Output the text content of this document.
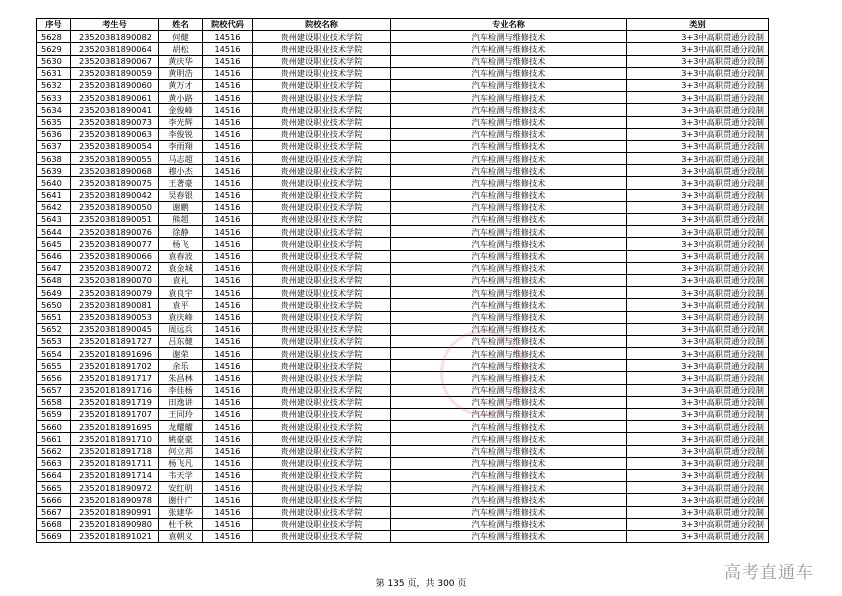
序号	考生号	姓名	院校代码	院校名称	专业名称	类别
5628	23520381890082	何健	14516	贵州建设职业技术学院	汽车检测与维修技术	3+3中高职贯通分段制
5629	23520381890064	胡松	14516	贵州建设职业技术学院	汽车检测与维修技术	3+3中高职贯通分段制
5630	23520381890067	黄庆华	14516	贵州建设职业技术学院	汽车检测与维修技术	3+3中高职贯通分段制
5631	23520381890059	黄明浩	14516	贵州建设职业技术学院	汽车检测与维修技术	3+3中高职贯通分段制
5632	23520381890060	黄万才	14516	贵州建设职业技术学院	汽车检测与维修技术	3+3中高职贯通分段制
5633	23520381890061	黄小路	14516	贵州建设职业技术学院	汽车检测与维修技术	3+3中高职贯通分段制
5634	23520381890041	金俊峰	14516	贵州建设职业技术学院	汽车检测与维修技术	3+3中高职贯通分段制
5635	23520381890073	李光辉	14516	贵州建设职业技术学院	汽车检测与维修技术	3+3中高职贯通分段制
5636	23520381890063	李俊锐	14516	贵州建设职业技术学院	汽车检测与维修技术	3+3中高职贯通分段制
5637	23520381890054	李雨翔	14516	贵州建设职业技术学院	汽车检测与维修技术	3+3中高职贯通分段制
5638	23520381890055	马志超	14516	贵州建设职业技术学院	汽车检测与维修技术	3+3中高职贯通分段制
5639	23520381890068	穆小杰	14516	贵州建设职业技术学院	汽车检测与维修技术	3+3中高职贯通分段制
5640	23520381890075	王著豪	14516	贵州建设职业技术学院	汽车检测与维修技术	3+3中高职贯通分段制
5641	23520381890042	吴春银	14516	贵州建设职业技术学院	汽车检测与维修技术	3+3中高职贯通分段制
5642	23520381890050	谢鹏	14516	贵州建设职业技术学院	汽车检测与维修技术	3+3中高职贯通分段制
5643	23520381890051	熊超	14516	贵州建设职业技术学院	汽车检测与维修技术	3+3中高职贯通分段制
5644	23520381890076	徐静	14516	贵州建设职业技术学院	汽车检测与维修技术	3+3中高职贯通分段制
5645	23520381890077	杨飞	14516	贵州建设职业技术学院	汽车检测与维修技术	3+3中高职贯通分段制
5646	23520381890066	袁春波	14516	贵州建设职业技术学院	汽车检测与维修技术	3+3中高职贯通分段制
5647	23520381890072	袁金城	14516	贵州建设职业技术学院	汽车检测与维修技术	3+3中高职贯通分段制
5648	23520381890070	袁礼	14516	贵州建设职业技术学院	汽车检测与维修技术	3+3中高职贯通分段制
5649	23520381890079	袁良宇	14516	贵州建设职业技术学院	汽车检测与维修技术	3+3中高职贯通分段制
5650	23520381890081	袁平	14516	贵州建设职业技术学院	汽车检测与维修技术	3+3中高职贯通分段制
5651	23520381890053	袁庆峰	14516	贵州建设职业技术学院	汽车检测与维修技术	3+3中高职贯通分段制
5652	23520381890045	周远兵	14516	贵州建设职业技术学院	汽车检测与维修技术	3+3中高职贯通分段制
5653	23520181891727	吕东健	14516	贵州建设职业技术学院	汽车检测与维修技术	3+3中高职贯通分段制
5654	23520181891696	谢荣	14516	贵州建设职业技术学院	汽车检测与维修技术	3+3中高职贯通分段制
5655	23520181891702	余乐	14516	贵州建设职业技术学院	汽车检测与维修技术	3+3中高职贯通分段制
5656	23520181891717	朱昌林	14516	贵州建设职业技术学院	汽车检测与维修技术	3+3中高职贯通分段制
5657	23520181891716	李佳杨	14516	贵州建设职业技术学院	汽车检测与维修技术	3+3中高职贯通分段制
5658	23520181891719	田逸讲	14516	贵州建设职业技术学院	汽车检测与维修技术	3+3中高职贯通分段制
5659	23520181891707	王同玲	14516	贵州建设职业技术学院	汽车检测与维修技术	3+3中高职贯通分段制
5660	23520181891695	龙耀耀	14516	贵州建设职业技术学院	汽车检测与维修技术	3+3中高职贯通分段制
5661	23520181891710	姚豪豪	14516	贵州建设职业技术学院	汽车检测与维修技术	3+3中高职贯通分段制
5662	23520181891718	何立邦	14516	贵州建设职业技术学院	汽车检测与维修技术	3+3中高职贯通分段制
5663	23520181891711	杨飞凡	14516	贵州建设职业技术学院	汽车检测与维修技术	3+3中高职贯通分段制
5664	23520181891714	韦天学	14516	贵州建设职业技术学院	汽车检测与维修技术	3+3中高职贯通分段制
5665	23520181890972	安红明	14516	贵州建设职业技术学院	汽车检测与维修技术	3+3中高职贯通分段制
5666	23520181890978	谢什广	14516	贵州建设职业技术学院	汽车检测与维修技术	3+3中高职贯通分段制
5667	23520181890991	张建华	14516	贵州建设职业技术学院	汽车检测与维修技术	3+3中高职贯通分段制
5668	23520181890980	杜千秋	14516	贵州建设职业技术学院	汽车检测与维修技术	3+3中高职贯通分段制
5669	23520181891021	袁朝义	14516	贵州建设职业技术学院	汽车检测与维修技术	3+3中高职贯通分段制
第 135 页，共 300 页
高考直通车
